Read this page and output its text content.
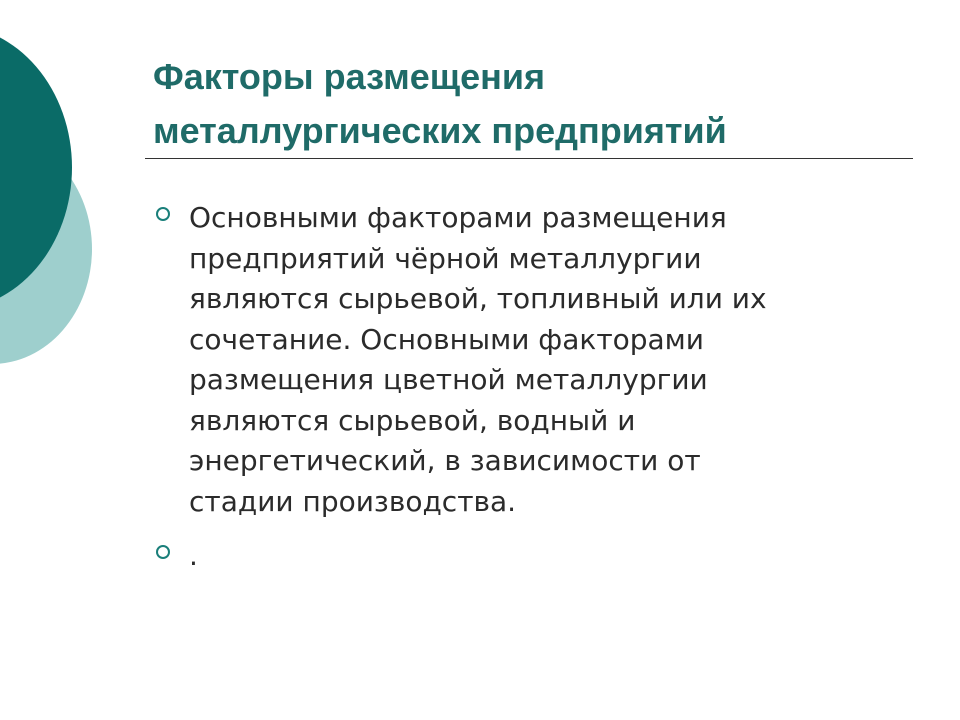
Факторы размещения
металлургических предприятий
Основными факторами размещения
предприятий чёрной металлургии
являются сырьевой, топливный или их
сочетание. Основными факторами
размещения цветной металлургии
являются сырьевой, водный и
энергетический, в зависимости от
стадии производства.
.
